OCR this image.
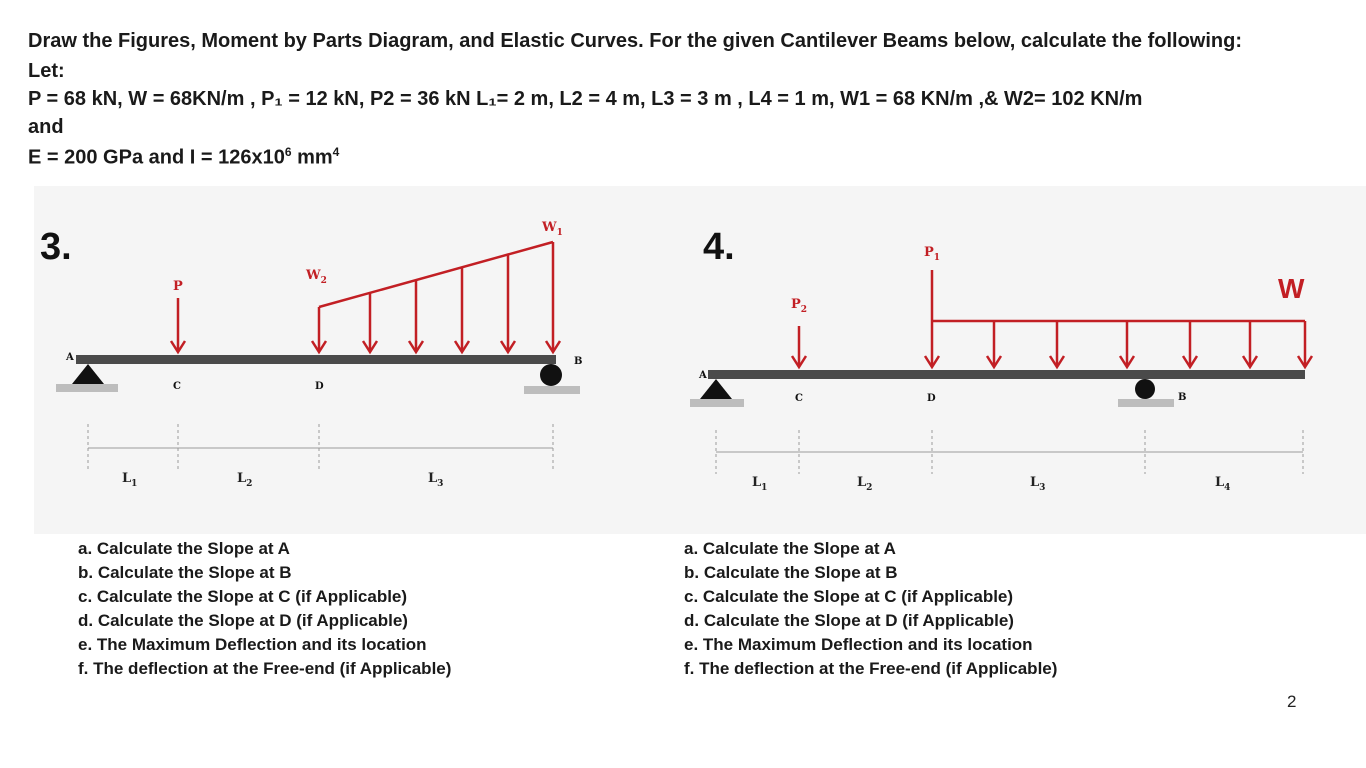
Draw the Figures, Moment by Parts Diagram, and Elastic Curves. For the given Cantilever Beams below, calculate the following:
Let:
P = 68 kN, W = 68KN/m , P₁ = 12 kN, P2 = 36 kN L₁= 2 m, L2 = 4 m, L3 = 3 m , L4 = 1 m, W1 = 68 KN/m ,& W2= 102 KN/m
and
E = 200 GPa and $I = 126x10^6$ $mm^4$
3.
A	B
P
C	D
$W_2$
$W_1$
$L_1$	$L_2$	$L_3$
4.
A
B
$P_2$
C
$P_1$
D
W
$L_1$	$L_2$	$L_3$	$L_4$
a. Calculate the Slope at A
b. Calculate the Slope at B
c. Calculate the Slope at C (if Applicable)
d. Calculate the Slope at D (if Applicable)
e. The Maximum Deflection and its location
f. The deflection at the Free-end (if Applicable)
a. Calculate the Slope at A
b. Calculate the Slope at B
c. Calculate the Slope at C (if Applicable)
d. Calculate the Slope at D (if Applicable)
e. The Maximum Deflection and its location
f. The deflection at the Free-end (if Applicable)
2
